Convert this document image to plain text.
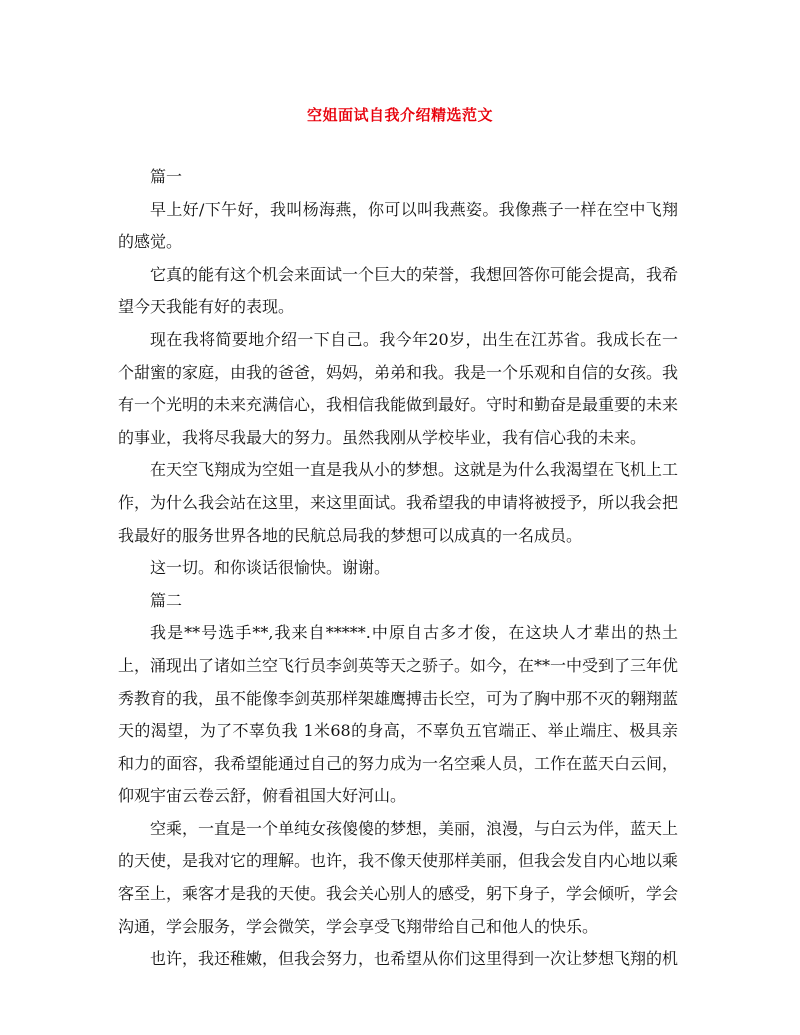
空姐面试自我介绍精选范文

篇一

早上好/下午好，我叫杨海燕，你可以叫我燕姿。我像燕子一样在空中飞翔的感觉。

它真的能有这个机会来面试一个巨大的荣誉，我想回答你可能会提高，我希望今天我能有好的表现。

现在我将简要地介绍一下自己。我今年20岁，出生在江苏省。我成长在一个甜蜜的家庭，由我的爸爸，妈妈，弟弟和我。我是一个乐观和自信的女孩。我有一个光明的未来充满信心，我相信我能做到最好。守时和勤奋是最重要的未来的事业，我将尽我最大的努力。虽然我刚从学校毕业，我有信心我的未来。

在天空飞翔成为空姐一直是我从小的梦想。这就是为什么我渴望在飞机上工作，为什么我会站在这里，来这里面试。我希望我的申请将被授予，所以我会把我最好的服务世界各地的民航总局我的梦想可以成真的一名成员。

这一切。和你谈话很愉快。谢谢。

篇二

我是**号选手**,我来自*****.中原自古多才俊，在这块人才辈出的热土上，涌现出了诸如兰空飞行员李剑英等天之骄子。如今，在**一中受到了三年优秀教育的我，虽不能像李剑英那样架雄鹰搏击长空，可为了胸中那不灭的翱翔蓝天的渴望，为了不辜负我 1米68的身高，不辜负五官端正、举止端庄、极具亲和力的面容，我希望能通过自己的努力成为一名空乘人员，工作在蓝天白云间，仰观宇宙云卷云舒，俯看祖国大好河山。

空乘，一直是一个单纯女孩傻傻的梦想，美丽，浪漫，与白云为伴，蓝天上的天使，是我对它的理解。也许，我不像天使那样美丽，但我会发自内心地以乘客至上，乘客才是我的天使。我会关心别人的感受，躬下身子，学会倾听，学会沟通，学会服务，学会微笑，学会享受飞翔带给自己和他人的快乐。

也许，我还稚嫩，但我会努力，也希望从你们这里得到一次让梦想飞翔的机
